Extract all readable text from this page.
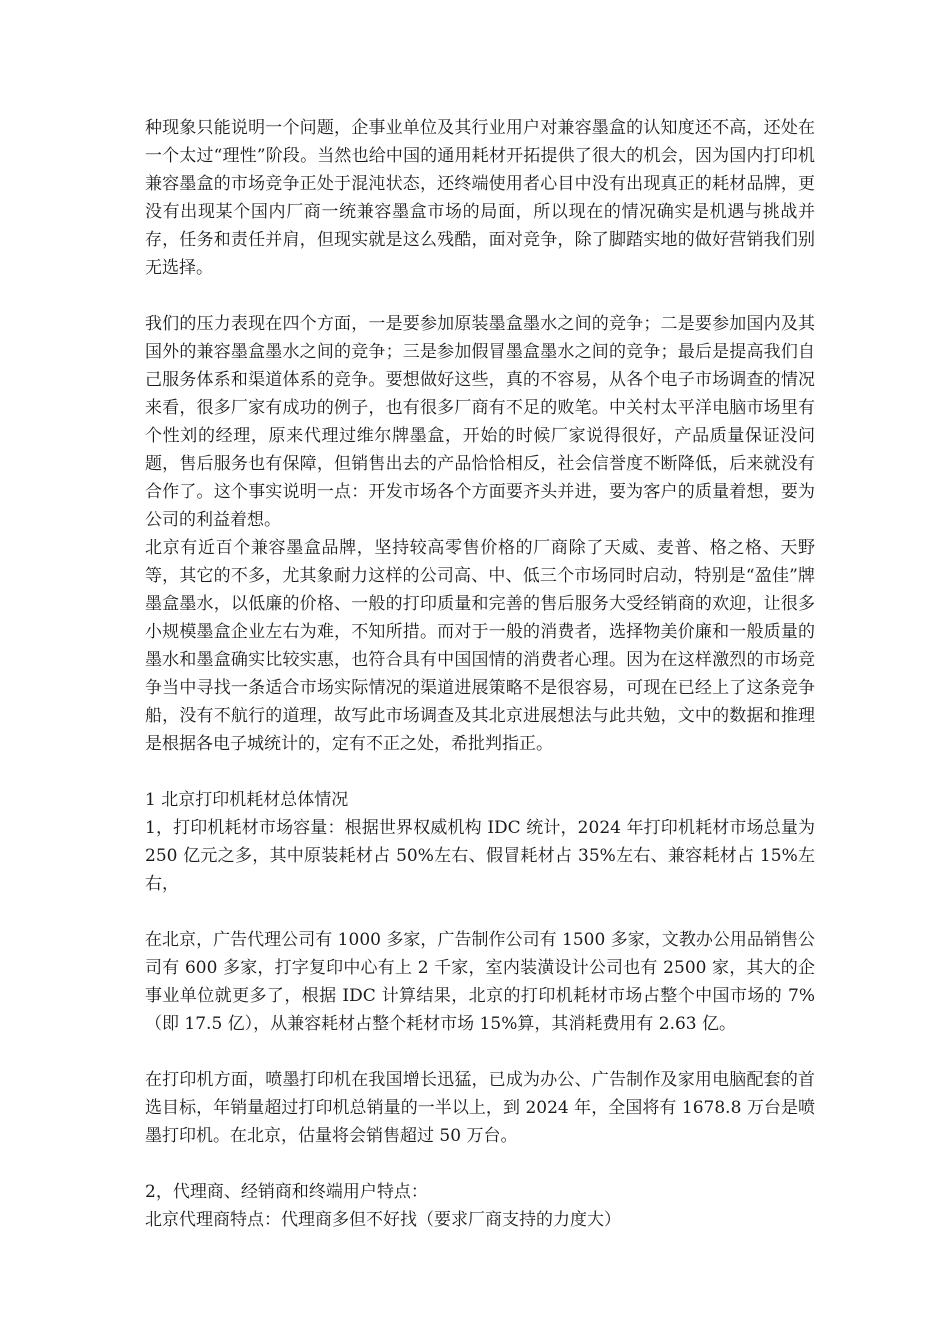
种现象只能说明一个问题，企事业单位及其行业用户对兼容墨盒的认知度还不高，还处在一个太过“理性”阶段。当然也给中国的通用耗材开拓提供了很大的机会，因为国内打印机兼容墨盒的市场竞争正处于混沌状态，还终端使用者心目中没有出现真正的耗材品牌，更没有出现某个国内厂商一统兼容墨盒市场的局面，所以现在的情况确实是机遇与挑战并存，任务和责任并肩，但现实就是这么残酷，面对竞争，除了脚踏实地的做好营销我们别无选择。

我们的压力表现在四个方面，一是要参加原装墨盒墨水之间的竞争；二是要参加国内及其国外的兼容墨盒墨水之间的竞争；三是参加假冒墨盒墨水之间的竞争；最后是提高我们自己服务体系和渠道体系的竞争。要想做好这些，真的不容易，从各个电子市场调查的情况来看，很多厂家有成功的例子，也有很多厂商有不足的败笔。中关村太平洋电脑市场里有个性刘的经理，原来代理过维尔牌墨盒，开始的时候厂家说得很好，产品质量保证没问题，售后服务也有保障，但销售出去的产品恰恰相反，社会信誉度不断降低，后来就没有合作了。这个事实说明一点：开发市场各个方面要齐头并进，要为客户的质量着想，要为公司的利益着想。

北京有近百个兼容墨盒品牌，坚持较高零售价格的厂商除了天威、麦普、格之格、天野等，其它的不多，尤其象耐力这样的公司高、中、低三个市场同时启动，特别是“盈佳”牌墨盒墨水，以低廉的价格、一般的打印质量和完善的售后服务大受经销商的欢迎，让很多小规模墨盒企业左右为难，不知所措。而对于一般的消费者，选择物美价廉和一般质量的墨水和墨盒确实比较实惠，也符合具有中国国情的消费者心理。因为在这样激烈的市场竞争当中寻找一条适合市场实际情况的渠道进展策略不是很容易，可现在已经上了这条竞争船，没有不航行的道理，故写此市场调查及其北京进展想法与此共勉，文中的数据和推理是根据各电子城统计的，定有不正之处，希批判指正。

1 北京打印机耗材总体情况

1，打印机耗材市场容量：根据世界权威机构 IDC 统计，2024 年打印机耗材市场总量为 250 亿元之多，其中原装耗材占 50%左右、假冒耗材占 35%左右、兼容耗材占 15%左右，

在北京，广告代理公司有 1000 多家，广告制作公司有 1500 多家，文教办公用品销售公司有 600 多家，打字复印中心有上 2 千家，室内装潢设计公司也有 2500 家，其大的企事业单位就更多了，根据 IDC 计算结果，北京的打印机耗材市场占整个中国市场的 7%（即 17.5 亿），从兼容耗材占整个耗材市场 15%算，其消耗费用有 2.63 亿。

在打印机方面，喷墨打印机在我国增长迅猛，已成为办公、广告制作及家用电脑配套的首选目标，年销量超过打印机总销量的一半以上，到 2024 年，全国将有 1678.8 万台是喷墨打印机。在北京，估量将会销售超过 50 万台。

2，代理商、经销商和终端用户特点：

北京代理商特点：代理商多但不好找（要求厂商支持的力度大）
